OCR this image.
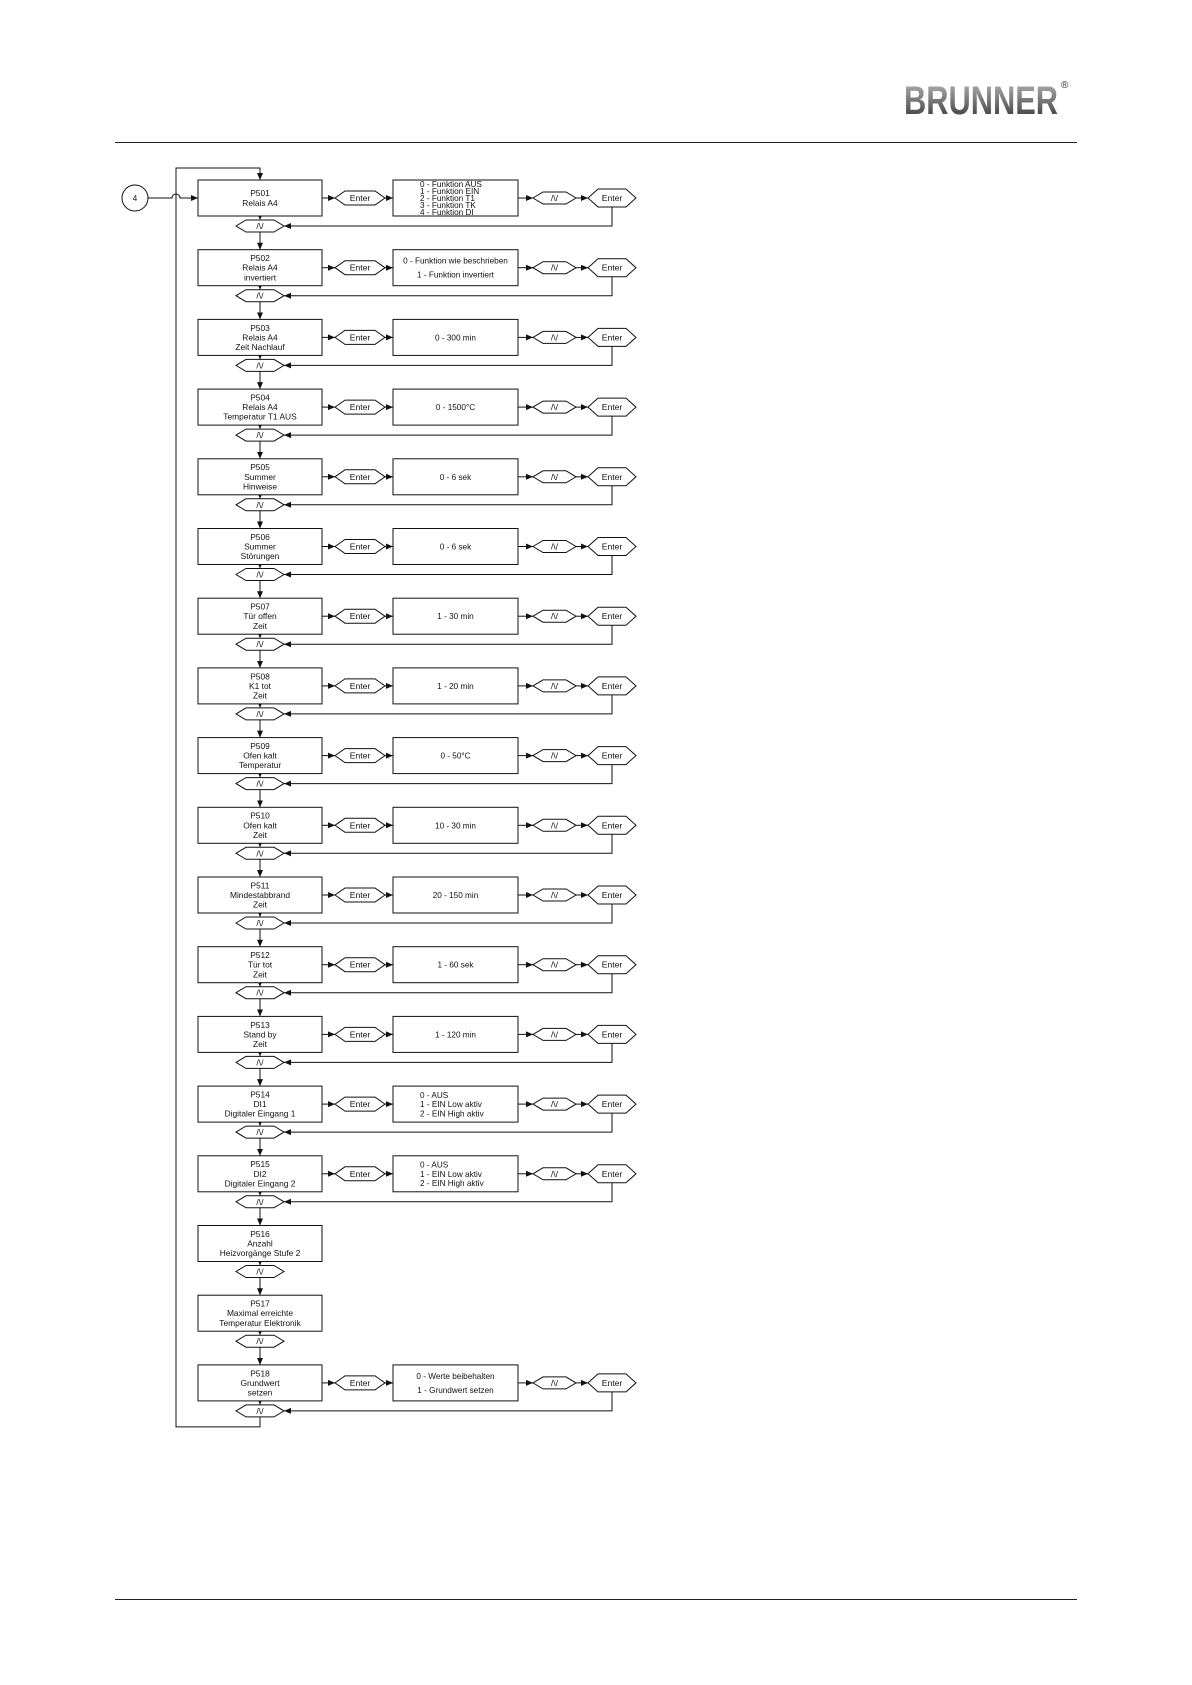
BRUNNER ®
4
P501
Relais A4
/\/
Enter
0 - Funktion AUS
1 - Funktion EIN
2 - Funktion T1
3 - Funktion TK
4 - Funktion DI
/\/	Enter
P502
Relais A4
invertiert
/\/
Enter
0 - Funktion wie beschrieben
1 - Funktion invertiert
/\/	Enter
P503
Relais A4
Zeit Nachlauf
/\/
Enter	0 - 300 min	/\/	Enter
P504
Relais A4
Temperatur T1 AUS
/\/
Enter	0 - 1500°C	/\/	Enter
P505
Summer
Hinweise
/\/
Enter	0 - 6 sek	/\/	Enter
P506
Summer
Störungen
/\/
Enter	0 - 6 sek	/\/	Enter
P507
Tür offen
Zeit
/\/
Enter	1 - 30 min	/\/	Enter
P508
K1 tot
Zeit
/\/
Enter	1 - 20 min	/\/	Enter
P509
Ofen kalt
Temperatur
/\/
Enter	0 - 50°C	/\/	Enter
P510
Ofen kalt
Zeit
/\/
Enter	10 - 30 min	/\/	Enter
P511
Mindestabbrand
Zeit
/\/
Enter	20 - 150 min	/\/	Enter
P512
Tür tot
Zeit
/\/
Enter	1 - 60 sek	/\/	Enter
P513
Stand by
Zeit
/\/
Enter	1 - 120 min	/\/	Enter
P514
DI1
Digitaler Eingang 1
/\/
Enter
0 - AUS
1 - EIN Low aktiv
2 - EIN High aktiv
/\/	Enter
P515
DI2
Digitaler Eingang 2
/\/
Enter
0 - AUS
1 - EIN Low aktiv
2 - EIN High aktiv
/\/	Enter
P516
Anzahl
Heizvorgänge Stufe 2
/\/
P517
Maximal erreichte
Temperatur Elektronik
/\/
P518
Grundwert
setzen
/\/
Enter
0 - Werte beibehalten
1 - Grundwert setzen
/\/	Enter
